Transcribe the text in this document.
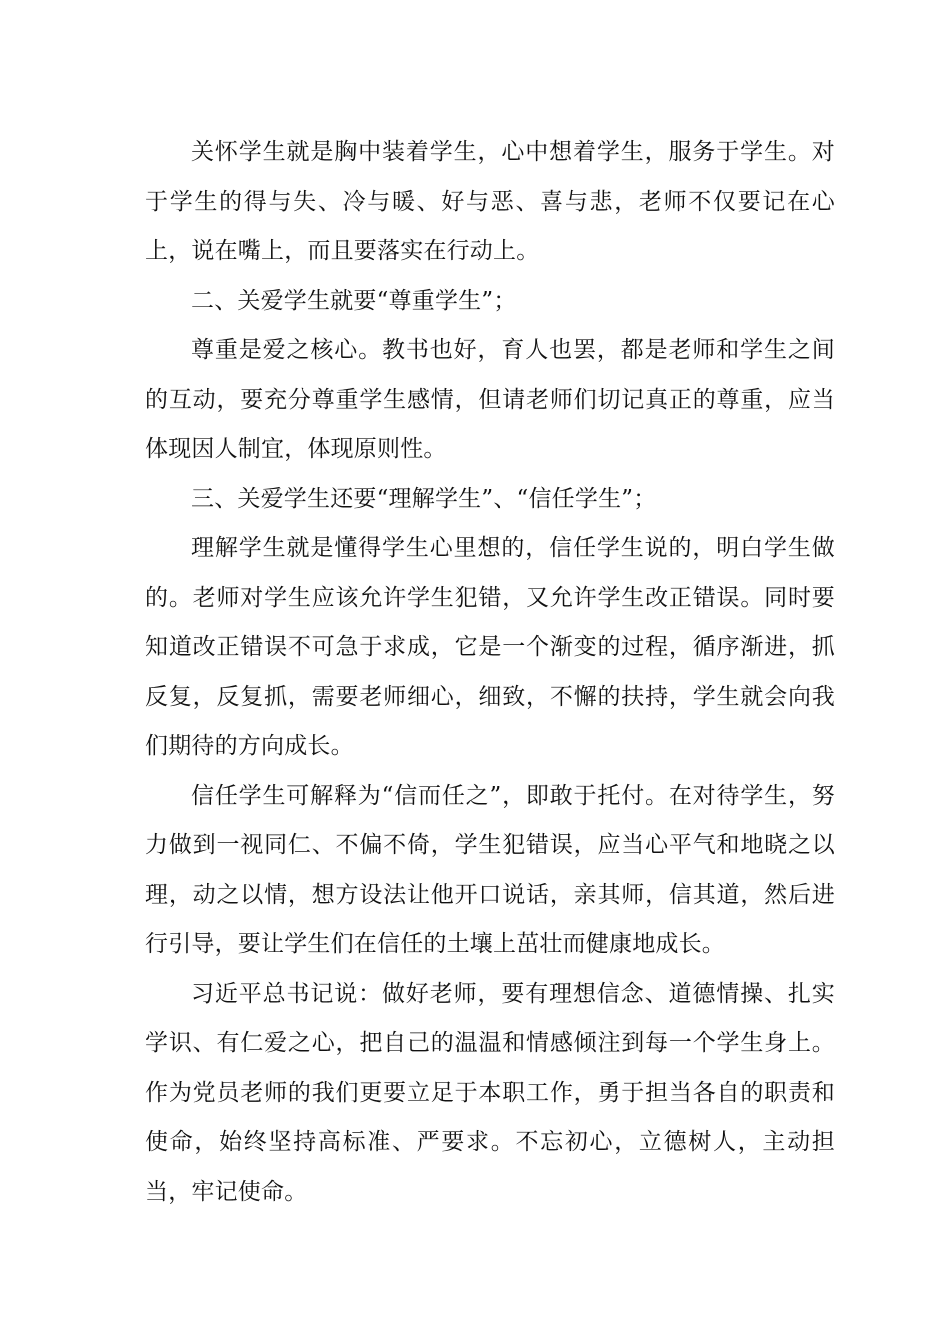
关怀学生就是胸中装着学生，心中想着学生，服务于学生。对于学生的得与失、冷与暖、好与恶、喜与悲，老师不仅要记在心上，说在嘴上，而且要落实在行动上。

二、关爱学生就要“尊重学生”；

尊重是爱之核心。教书也好，育人也罢，都是老师和学生之间的互动，要充分尊重学生感情，但请老师们切记真正的尊重，应当体现因人制宜，体现原则性。

三、关爱学生还要“理解学生”、“信任学生”；

理解学生就是懂得学生心里想的，信任学生说的，明白学生做的。老师对学生应该允许学生犯错，又允许学生改正错误。同时要知道改正错误不可急于求成，它是一个渐变的过程，循序渐进，抓反复，反复抓，需要老师细心，细致，不懈的扶持，学生就会向我们期待的方向成长。

信任学生可解释为“信而任之”，即敢于托付。在对待学生，努力做到一视同仁、不偏不倚，学生犯错误，应当心平气和地晓之以理，动之以情，想方设法让他开口说话，亲其师，信其道，然后进行引导，要让学生们在信任的土壤上茁壮而健康地成长。

习近平总书记说：做好老师，要有理想信念、道德情操、扎实学识、有仁爱之心，把自己的温温和情感倾注到每一个学生身上。作为党员老师的我们更要立足于本职工作，勇于担当各自的职责和使命，始终坚持高标准、严要求。不忘初心，立德树人，主动担当，牢记使命。
